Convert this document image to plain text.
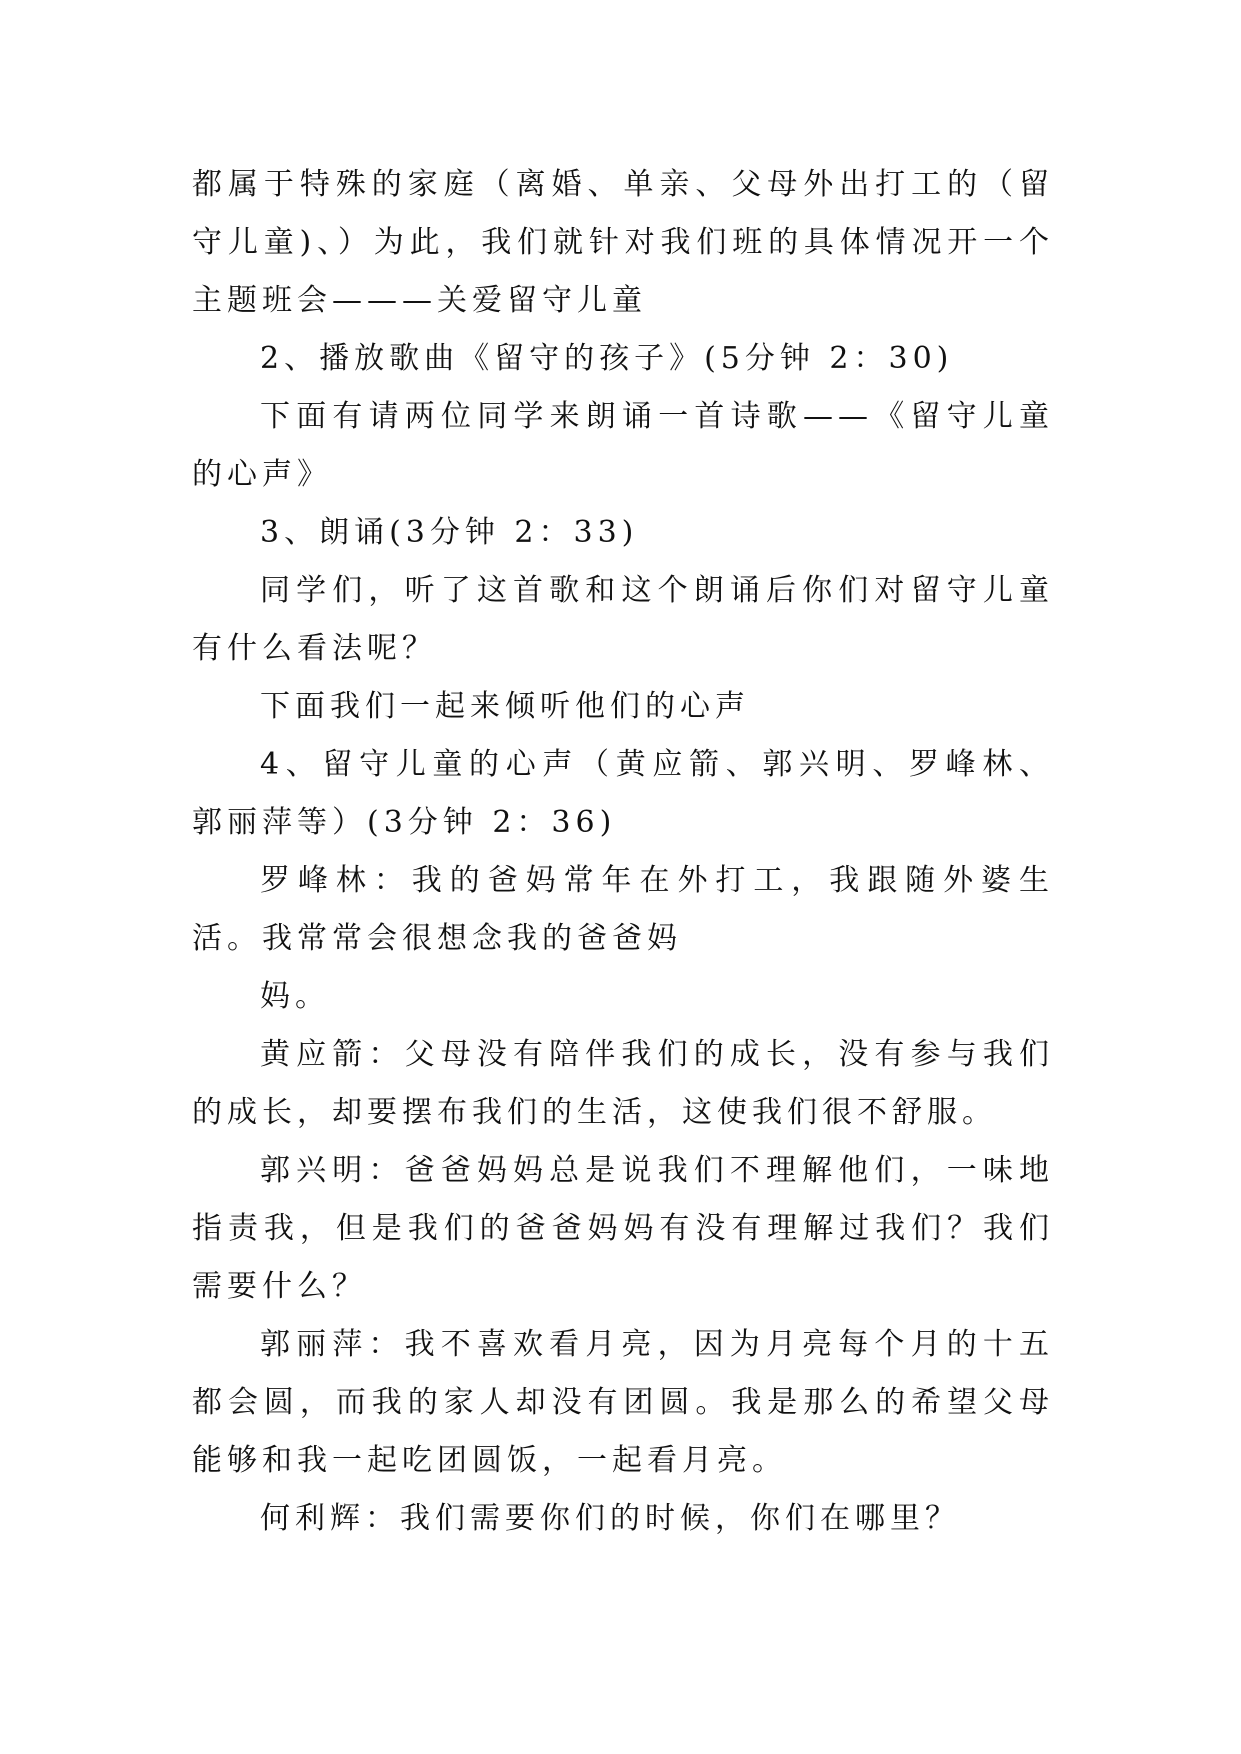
都属于特殊的家庭（离婚、单亲、父母外出打工的（留守儿童)、）为此，我们就针对我们班的具体情况开一个主题班会———关爱留守儿童

2、播放歌曲《留守的孩子》(5分钟 2：30)

下面有请两位同学来朗诵一首诗歌——《留守儿童的心声》

3、朗诵(3分钟 2：33)

同学们，听了这首歌和这个朗诵后你们对留守儿童有什么看法呢？

下面我们一起来倾听他们的心声

4、留守儿童的心声（黄应箭、郭兴明、罗峰林、郭丽萍等）(3分钟 2：36)

罗峰林：我的爸妈常年在外打工，我跟随外婆生活。我常常会很想念我的爸爸妈

妈。

黄应箭：父母没有陪伴我们的成长，没有参与我们的成长，却要摆布我们的生活，这使我们很不舒服。

郭兴明：爸爸妈妈总是说我们不理解他们，一味地指责我，但是我们的爸爸妈妈有没有理解过我们？我们需要什么？

郭丽萍：我不喜欢看月亮，因为月亮每个月的十五都会圆，而我的家人却没有团圆。我是那么的希望父母能够和我一起吃团圆饭，一起看月亮。

何利辉：我们需要你们的时候，你们在哪里？
